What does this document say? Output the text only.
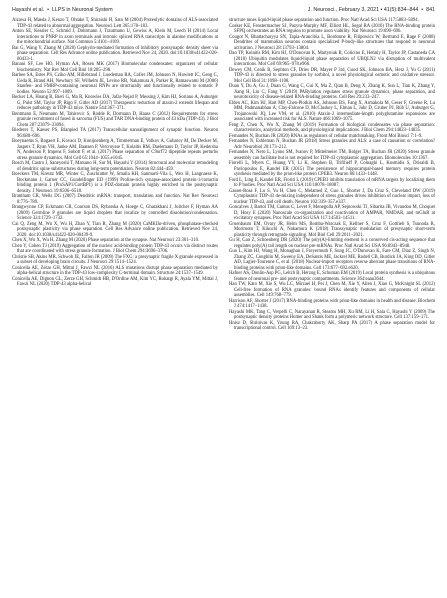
Hayashi et al. • LLPS in Neuronal System	J. Neurosci., February 3, 2021 • 41(5):834–844 • 841

Aizawa H, Maeda J, Kenzo T, Ohtake T, Shiraishi H, Sato M (2004) Proteolytic domains of ALS-associated TDP-43 related to abnormal aggregation. Neurosci Lett 365:178–183.

Anton SE, Kessler C, Schmid J, Dohrmann J, Trautmann U, Gewiss A, Klein M, Leech H (2014) Local interactions to PNRP in axon terminals and intronic spliced RNA transcripts in alanine modifications at the mitochondrial surface. Nat Commun 5:4101–4109.

Bai G, Wang Y, Zhang M (2020) Gephyrin-mediated formation of inhibitory postsynaptic density sheet via phase separation. Cell Res Advance online publication. Retrieved Nov 24, 2020. doi:10.1038/s41422-020-00433-1.

Banani SF, Lee HO, Hyman AA, Rosen MK (2017) Biomolecular condensates: organizers of cellular biochemistry. Nat Rev Mol Cell Biol 18:285–298.

Barbee SA, Estes PS, Cziko AM, Hillebrand J, Luedeman RA, Coller JM, Johnson N, Howlett IC, Geng C, Ueda R, Brand AH, Newbury SF, Wilhelm JE, Levine RB, Nakamura A, Parker R, Ramaswami M (2006) Staufen- and FMRP-containing neuronal RNPs are structurally and functionally related to somatic P bodies. Neuron 52:997–1009.

Becker LA, Huang B, Bieri G, Ma R, Knowles DA, Jafar-Nejad P, Messing J, Kim HJ, Soriano A, Auburger G, Pulst SM, Taylor JP, Rigo F, Gitler AD (2017) Therapeutic reduction of ataxin-2 extends lifespan and reduces pathology in TDP-43 mice. Nature 544:367–371.

Bentmann E, Neumann M, Tahirovic S, Rodde R, Dormann D, Haass C (2012) Requirements for stress granule recruitment of fused in sarcoma (FUS) and TAR DNA-binding protein of 43 kDa (TDP-43). J Biol Chem 287:23079–23094.

Biederer T, Kaeser PS, Blanpied TA (2017) Transcellular nanoalignment of synaptic function. Neuron 96:680–696.

Boeynaems S, Bogaert E, Kovacs D, Konijnenberg A, Timmerman E, Volkov A, Guharoy M, De Decker M, Jaspers T, Ryan VH, Janke AM, Baatsen P, Vercruysse T, Kolaitis RM, Daelemans D, Taylor JP, Kedersha N, Anderson P, Impens F, Sobott F, et al. (2017) Phase separation of C9orf72 dipeptide repeats perturbs stress granule dynamics. Mol Cell 65:1044–1055.e1045.

Bosch M, Castro J, Saneyoshi T, Matsuno H, Sur M, Hayashi Y (2014) Structural and molecular remodeling of dendritic spine substructures during long-term potentiation. Neuron 82:444–459.

Boeckers TM, Kreutz MR, Winter C, Zuschratter W, Smalla KH, Sanmarti-Vila L, Wex H, Langnaese K, Bockmann J, Garner CC, Gundelfinger ED (1999) Proline-rich synapse-associated protein-1/cortactin binding protein 1 (ProSAP1/CortBP1) is a PDZ-domain protein highly enriched in the postsynaptic density. J Neurosci 19:6506–6518.

Bramham CR, Wells DG (2007) Dendritic mRNA: transport, translation and function. Nat Rev Neurosci 8:776–789.

Brangwynne CP, Eckmann CR, Courson DS, Rybarska A, Hoege C, Gharakhani J, Julicher F, Hyman AA (2009) Germline P granules are liquid droplets that localize by controlled dissolution/condensation. Science 324:1729–1732.

Cai Q, Zeng M, Wu X, Wu H, Zhan Y, Tian R, Zhang M (2020) CaMKIIα-driven, phosphatase-checked postsynaptic plasticity via phase separation. Cell Res Advance online publication. Retrieved Nov 24, 2020. doi:10.1038/s41422-020-00439-9.

Chen X, Wu X, Wu H, Zhang M (2020) Phase separation at the synapse. Nat Neurosci 23:301–310.

Chen Y, Cohen TJ (2019) Aggregation of the nucleic acid-binding protein TDP-43 occurs via distinct routes that are coordinated with stress granule formation. J Biol Chem 294:3696–3706.

Christie SB, Akins MR, Schwob JE, Fallon JR (2009) The FXG: a presynaptic fragile X granule expressed in a subset of developing brain circuits. J Neurosci 29:1514–1524.

Conicella AE, Zerze GH, Mittal J, Fawzi NL (2016) ALS mutations disrupt phase separation mediated by alpha-helical structure in the TDP-43 low-complexity C-terminal domain. Structure 24:1537–1549.

Conicella AE, Dignon GL, Zerze GH, Schmidt HB, D'Ordine AM, Kim YC, Rohatgi R, Ayala YM, Mittal J, Fawzi NL (2020) TDP-43 alpha-helical

structure tunes liquid-liquid phase separation and function. Proc Natl Acad Sci USA 117:5883–5894.

Cosker KE, Fenstermacher SJ, Pazyra-Murphy MF, Elliott HL, Segal RA (2016) The RNA-binding protein SFPQ orchestrates an RNA regulon to promote axon viability. Nat Neurosci 19:690–696.

Cougot N, Bhattacharyya SN, Tapia-Arancibia L, Bordonne R, Filipowicz W, Bertrand E, Rage F (2008) Dendrites of mammalian neurons contain specialized P-body-like structures that respond to neuronal activation. J Neurosci 28:13793–13804.

Dao TP, Kolaitis RM, Kim HJ, O'Donovan K, Martyniak B, Colicino E, Hehnly H, Taylor JP, Castaneda CA (2018) Ubiquitin modulates liquid-liquid phase separation of UBQLN2 via disruption of multivalent interactions. Mol Cell 69:965–978.e966.

Dewey CM, Cenik B, Sephton CF, Dries DR, Mayer P 3rd, Good SK, Johnson BA, Herz J, Yu G (2011) TDP-43 is directed to stress granules by sorbitol, a novel physiological osmotic and oxidative stressor. Mol Cell Biol 31:1098–1108.

Duan Y, Du A, Gu J, Duan G, Wang C, Gui X, Ma Z, Qian B, Deng X, Zhang K, Sun L, Tian K, Zhang Y, Jiang H, Liu C, Fang Y (2019) PARylation regulates stress granule dynamics, phase separation, and neurotoxicity of disease-related RNA-binding proteins. Cell Res 29:233–247.

Elden AC, Kim HJ, Hart MP, Chen-Plotkin AS, Johnson BS, Fang X, Armakola M, Geser F, Greene R, Lu MM, Padmanabhan A, Clay-Falcone D, McCluskey L, Elman L, Juhr D, Gruber PJ, Rüb U, Auburger G, Trojanowski JQ, Lee VM, et al. (2010) Ataxin-2 intermediate-length polyglutamine expansions are associated with increased risk for ALS. Nature 466:1069–1075.

Feng Z, Chen X, Wu X, Zhang M (2019) Formation of biological condensates via phase separation: characteristics, analytical methods, and physiological implications. J Biol Chem 294:14823–14835.

Fernandes N, Buchan JR (2020) RNAs as regulators of cellular matchmaking. Front Mol Biosci 7:1–9.

Fernandes N, Eshleman N, Buchan JR (2018) Stress granules and ALS: a case of causation or correlation? Adv Neurobiol 20:173–212.

Fernandes N, Nero L, Lyons SM, Ivanov P, Mittelmeier TM, Bolger TA, Buchan JR (2020) Stress granule assembly can facilitate but is not required for TDP-43 cytoplasmic aggregation. Biomolecules 10:1367.

Fiorelli L, Myers C, Huang YY, Li K, Stephen B, Trifilieff P, Colnaghi L, Kosmidis S, Drisaldi B, Pavlopoulos E, Kandel ER (2015) The persistence of hippocampal-based memory requires protein synthesis mediated by the prion-like protein CPEB3. Neuron 86:1433–1448.

Ford L, Ling E, Kandel ER, Fioriti L (2019) CPEB3 inhibits translation of mRNA targets by localizing them to P bodies. Proc Natl Acad Sci USA 116:18078–18087.

Gasset-Rosa F, Lu S, Yu H, Chen C, Melamed Z, Guo L, Shorter J, Da Cruz S, Cleveland DW (2019) Cytoplasmic TDP-43 de-mixing independent of stress granules drives inhibition of nuclear import, loss of nuclear TDP-43, and cell death. Neuron 102:339–357.e337.

Goncalves J, Bartol TM, Camus C, Levet F, Menegolla AP, Sejnowski TJ, Sibarita JB, Vivaudou M, Choquet D, Hosy E (2020) Nanoscale co-organization and coactivation of AMPAR, NMDAR, and mGluR at excitatory synapses. Proc Natl Acad Sci USA 117:14503–14511.

Gruenbaum EM, Ovary JR, Helm MS, Bomba-Warczak E, Kellner S, Cruz F, Gottlieb S, Tsunoda R, Morimoto T, Kikuchi A, Nakamura K (2018) Transsynaptic modulation of presynaptic short-term plasticity through retrograde signaling. Mol Biol Cell 29:2011–2021.

Gu H, Gao Z, Schoenberg DR (2020) The poly(A)-limiting element is a conserved cis-acting sequence that regulates poly(A) tail length on nuclear pre-mRNAs. Proc Natl Acad Sci USA 96:8943–8948.

Guo L, Kim HJ, Wang H, Monaghan J, Freyermuth F, Sung JC, O'Donovan K, Fare CM, Diaz Z, Singh N, Zhang ZC, Coughlin M, Sweeny EA, DeSantis ME, Jackrel ME, Rodell CB, Burdick JA, King OD, Gitler AD, Lagier-Tourenne C, et al. (2018) Nuclear-import receptors reverse aberrant phase transitions of RNA-binding proteins with prion-like domains. Cell 173:677–692.e620.

Hafner AS, Donlin-Asp PG, Leitch B, Herzog E, Schuman EM (2019) Local protein synthesis is a ubiquitous feature of neuronal pre- and postsynaptic compartments. Science 364:eaau3644.

Han TW, Kato M, Xie S, Wu LC, Mirzaei H, Pei J, Chen M, Xie Y, Allen J, Xiao G, McKnight SL (2012) Cell-free formation of RNA granules: bound RNAs identify features and components of cellular assemblies. Cell 149:768–779.

Harrison AF, Shorter J (2017) RNA-binding proteins with prion-like domains in health and disease. Biochem J 474:1417–1438.

Hayashi MK, Tang C, Verpelli C, Narayanan R, Stearns MH, Xu RM, Li H, Sala C, Hayashi Y (2009) The postsynaptic density proteins Homer and Shank form a polymeric network structure. Cell 137:159–171.

Hnisz D, Shrinivas K, Young RA, Chakraborty AK, Sharp PA (2017) A phase separation model for transcriptional control. Cell 169:13–23.
